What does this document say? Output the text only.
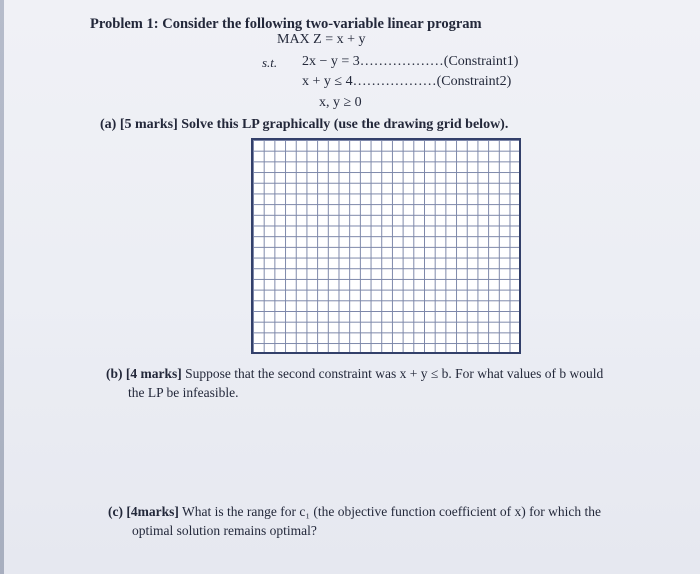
Problem 1: Consider the following two-variable linear program
MAX Z = x + y
s.t. 2x − y = 3………………(Constraint1)
x + y ≤ 4………………(Constraint2)
x, y ≥ 0
(a) [5 marks] Solve this LP graphically (use the drawing grid below).
(b) [4 marks] Suppose that the second constraint was x + y ≤ b. For what values of b would
the LP be infeasible.
(c) [4marks] What is the range for c₁ (the objective function coefficient of x) for which the
optimal solution remains optimal?
